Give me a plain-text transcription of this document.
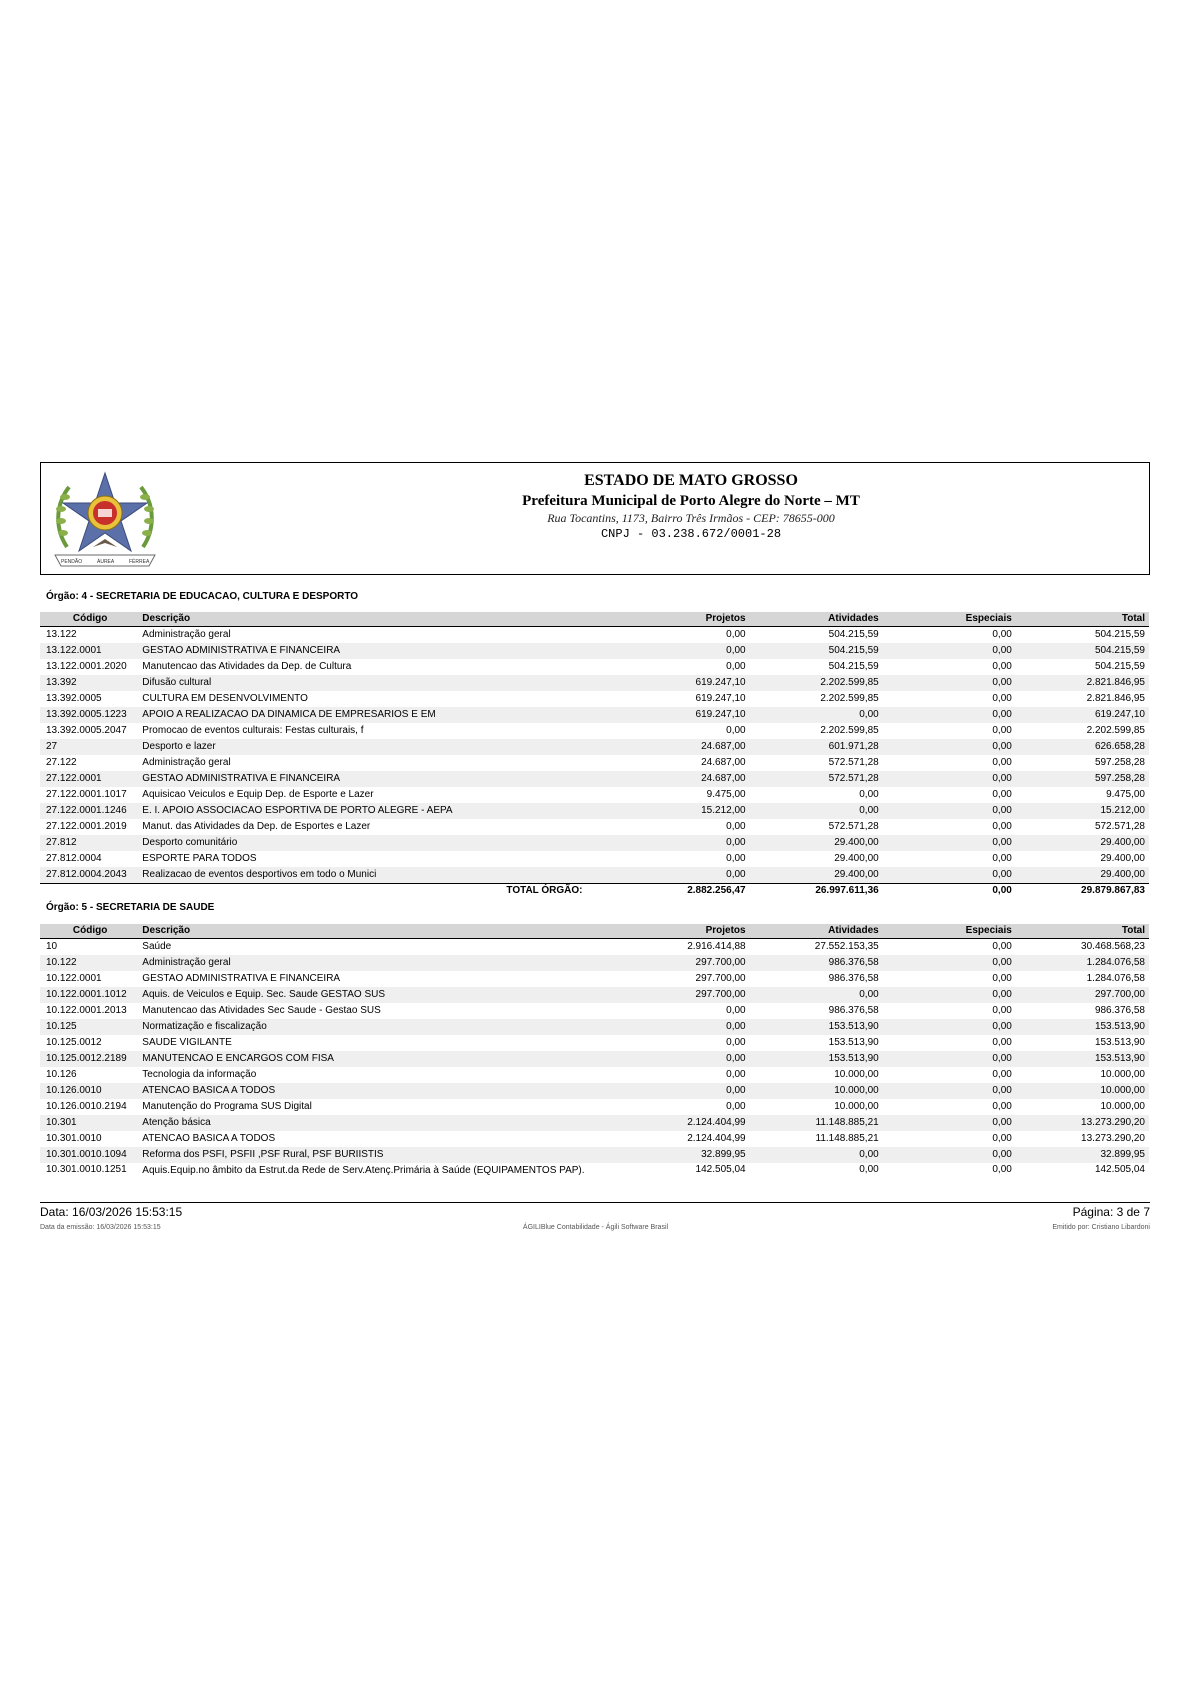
PENDÃO	ÁUREA	FÉRREA
ESTADO DE MATO GROSSO
Prefeitura Municipal de Porto Alegre do Norte – MT
Rua Tocantins, 1173, Bairro Três Irmãos - CEP: 78655-000
CNPJ - 03.238.672/0001-28
Órgão: 4 - SECRETARIA DE EDUCACAO, CULTURA E DESPORTO
Código	Descrição	Projetos	Atividades	Especiais	Total
13.122	Administração geral	0,00	504.215,59	0,00	504.215,59
13.122.0001	GESTAO ADMINISTRATIVA E FINANCEIRA	0,00	504.215,59	0,00	504.215,59
13.122.0001.2020	Manutencao das Atividades da Dep. de Cultura	0,00	504.215,59	0,00	504.215,59
13.392	Difusão cultural	619.247,10	2.202.599,85	0,00	2.821.846,95
13.392.0005	CULTURA EM DESENVOLVIMENTO	619.247,10	2.202.599,85	0,00	2.821.846,95
13.392.0005.1223	APOIO A REALIZACAO DA DINAMICA DE EMPRESARIOS E EM	619.247,10	0,00	0,00	619.247,10
13.392.0005.2047	Promocao de eventos culturais: Festas culturais, f	0,00	2.202.599,85	0,00	2.202.599,85
27	Desporto e lazer	24.687,00	601.971,28	0,00	626.658,28
27.122	Administração geral	24.687,00	572.571,28	0,00	597.258,28
27.122.0001	GESTAO ADMINISTRATIVA E FINANCEIRA	24.687,00	572.571,28	0,00	597.258,28
27.122.0001.1017	Aquisicao Veiculos e Equip Dep. de Esporte e Lazer	9.475,00	0,00	0,00	9.475,00
27.122.0001.1246	E. I. APOIO ASSOCIACAO ESPORTIVA DE PORTO ALEGRE - AEPA	15.212,00	0,00	0,00	15.212,00
27.122.0001.2019	Manut. das Atividades da Dep. de Esportes e Lazer	0,00	572.571,28	0,00	572.571,28
27.812	Desporto comunitário	0,00	29.400,00	0,00	29.400,00
27.812.0004	ESPORTE PARA TODOS	0,00	29.400,00	0,00	29.400,00
27.812.0004.2043	Realizacao de eventos desportivos em todo o Munici	0,00	29.400,00	0,00	29.400,00
	TOTAL ÓRGÃO:	2.882.256,47	26.997.611,36	0,00	29.879.867,83
Órgão: 5 - SECRETARIA DE SAUDE
Código	Descrição	Projetos	Atividades	Especiais	Total
10	Saúde	2.916.414,88	27.552.153,35	0,00	30.468.568,23
10.122	Administração geral	297.700,00	986.376,58	0,00	1.284.076,58
10.122.0001	GESTAO ADMINISTRATIVA E FINANCEIRA	297.700,00	986.376,58	0,00	1.284.076,58
10.122.0001.1012	Aquis. de Veiculos e Equip. Sec. Saude GESTAO SUS	297.700,00	0,00	0,00	297.700,00
10.122.0001.2013	Manutencao das Atividades Sec Saude - Gestao SUS	0,00	986.376,58	0,00	986.376,58
10.125	Normatização e fiscalização	0,00	153.513,90	0,00	153.513,90
10.125.0012	SAUDE VIGILANTE	0,00	153.513,90	0,00	153.513,90
10.125.0012.2189	MANUTENCAO E ENCARGOS COM FISA	0,00	153.513,90	0,00	153.513,90
10.126	Tecnologia da informação	0,00	10.000,00	0,00	10.000,00
10.126.0010	ATENCAO BASICA A TODOS	0,00	10.000,00	0,00	10.000,00
10.126.0010.2194	Manutenção do Programa SUS Digital	0,00	10.000,00	0,00	10.000,00
10.301	Atenção básica	2.124.404,99	11.148.885,21	0,00	13.273.290,20
10.301.0010	ATENCAO BASICA A TODOS	2.124.404,99	11.148.885,21	0,00	13.273.290,20
10.301.0010.1094	Reforma dos PSFI, PSFII ,PSF Rural, PSF BURIISTIS	32.899,95	0,00	0,00	32.899,95
10.301.0010.1251	Aquis.Equip.no âmbito da Estrut.da Rede de Serv.Atenç.Primária à Saúde (EQUIPAMENTOS PAP).	142.505,04	0,00	0,00	142.505,04
Data: 16/03/2026 15:53:15	Página: 3 de 7
Data da emissão: 16/03/2026 15:53:15	ÁGILIBlue Contabilidade - Ágili Software Brasil	Emitido por: Cristiano Libardoni
